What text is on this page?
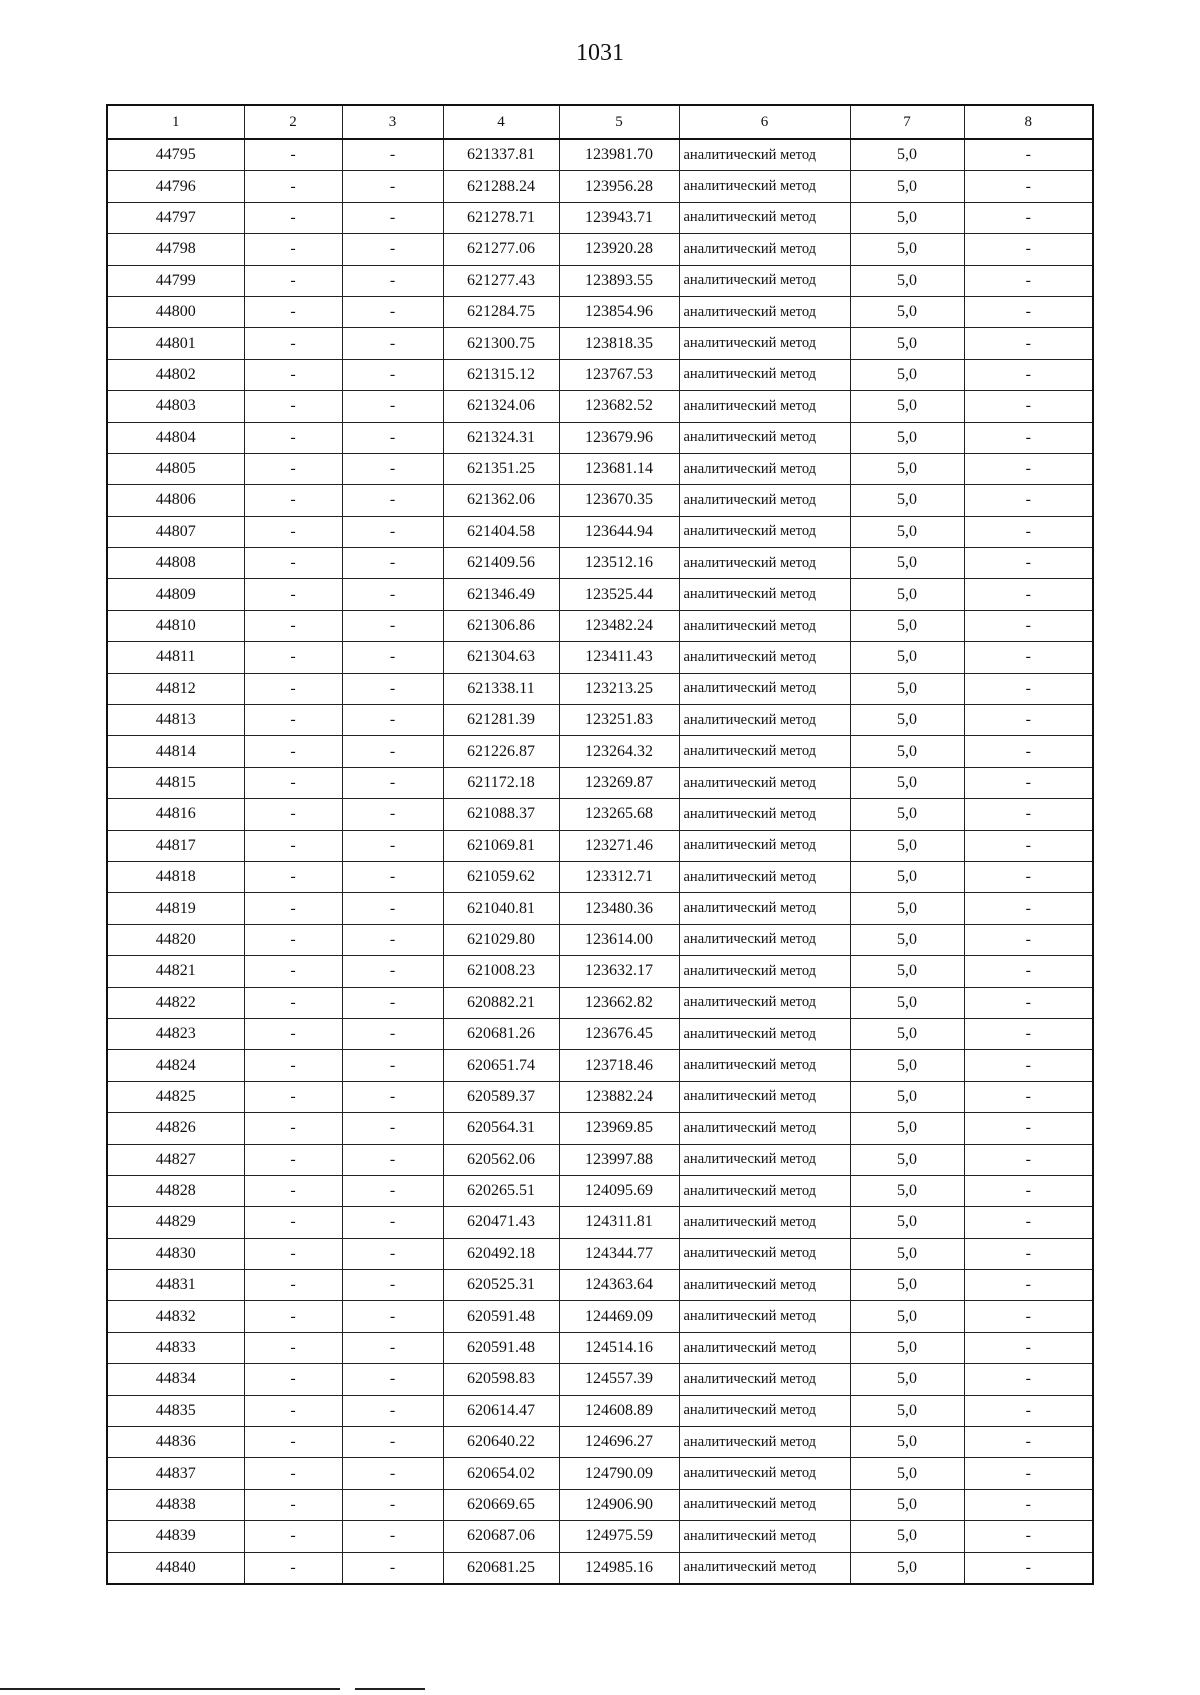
1031
1	2	3	4	5	6	7	8
44795	-	-	621337.81	123981.70	аналитический метод	5,0	-
44796	-	-	621288.24	123956.28	аналитический метод	5,0	-
44797	-	-	621278.71	123943.71	аналитический метод	5,0	-
44798	-	-	621277.06	123920.28	аналитический метод	5,0	-
44799	-	-	621277.43	123893.55	аналитический метод	5,0	-
44800	-	-	621284.75	123854.96	аналитический метод	5,0	-
44801	-	-	621300.75	123818.35	аналитический метод	5,0	-
44802	-	-	621315.12	123767.53	аналитический метод	5,0	-
44803	-	-	621324.06	123682.52	аналитический метод	5,0	-
44804	-	-	621324.31	123679.96	аналитический метод	5,0	-
44805	-	-	621351.25	123681.14	аналитический метод	5,0	-
44806	-	-	621362.06	123670.35	аналитический метод	5,0	-
44807	-	-	621404.58	123644.94	аналитический метод	5,0	-
44808	-	-	621409.56	123512.16	аналитический метод	5,0	-
44809	-	-	621346.49	123525.44	аналитический метод	5,0	-
44810	-	-	621306.86	123482.24	аналитический метод	5,0	-
44811	-	-	621304.63	123411.43	аналитический метод	5,0	-
44812	-	-	621338.11	123213.25	аналитический метод	5,0	-
44813	-	-	621281.39	123251.83	аналитический метод	5,0	-
44814	-	-	621226.87	123264.32	аналитический метод	5,0	-
44815	-	-	621172.18	123269.87	аналитический метод	5,0	-
44816	-	-	621088.37	123265.68	аналитический метод	5,0	-
44817	-	-	621069.81	123271.46	аналитический метод	5,0	-
44818	-	-	621059.62	123312.71	аналитический метод	5,0	-
44819	-	-	621040.81	123480.36	аналитический метод	5,0	-
44820	-	-	621029.80	123614.00	аналитический метод	5,0	-
44821	-	-	621008.23	123632.17	аналитический метод	5,0	-
44822	-	-	620882.21	123662.82	аналитический метод	5,0	-
44823	-	-	620681.26	123676.45	аналитический метод	5,0	-
44824	-	-	620651.74	123718.46	аналитический метод	5,0	-
44825	-	-	620589.37	123882.24	аналитический метод	5,0	-
44826	-	-	620564.31	123969.85	аналитический метод	5,0	-
44827	-	-	620562.06	123997.88	аналитический метод	5,0	-
44828	-	-	620265.51	124095.69	аналитический метод	5,0	-
44829	-	-	620471.43	124311.81	аналитический метод	5,0	-
44830	-	-	620492.18	124344.77	аналитический метод	5,0	-
44831	-	-	620525.31	124363.64	аналитический метод	5,0	-
44832	-	-	620591.48	124469.09	аналитический метод	5,0	-
44833	-	-	620591.48	124514.16	аналитический метод	5,0	-
44834	-	-	620598.83	124557.39	аналитический метод	5,0	-
44835	-	-	620614.47	124608.89	аналитический метод	5,0	-
44836	-	-	620640.22	124696.27	аналитический метод	5,0	-
44837	-	-	620654.02	124790.09	аналитический метод	5,0	-
44838	-	-	620669.65	124906.90	аналитический метод	5,0	-
44839	-	-	620687.06	124975.59	аналитический метод	5,0	-
44840	-	-	620681.25	124985.16	аналитический метод	5,0	-
